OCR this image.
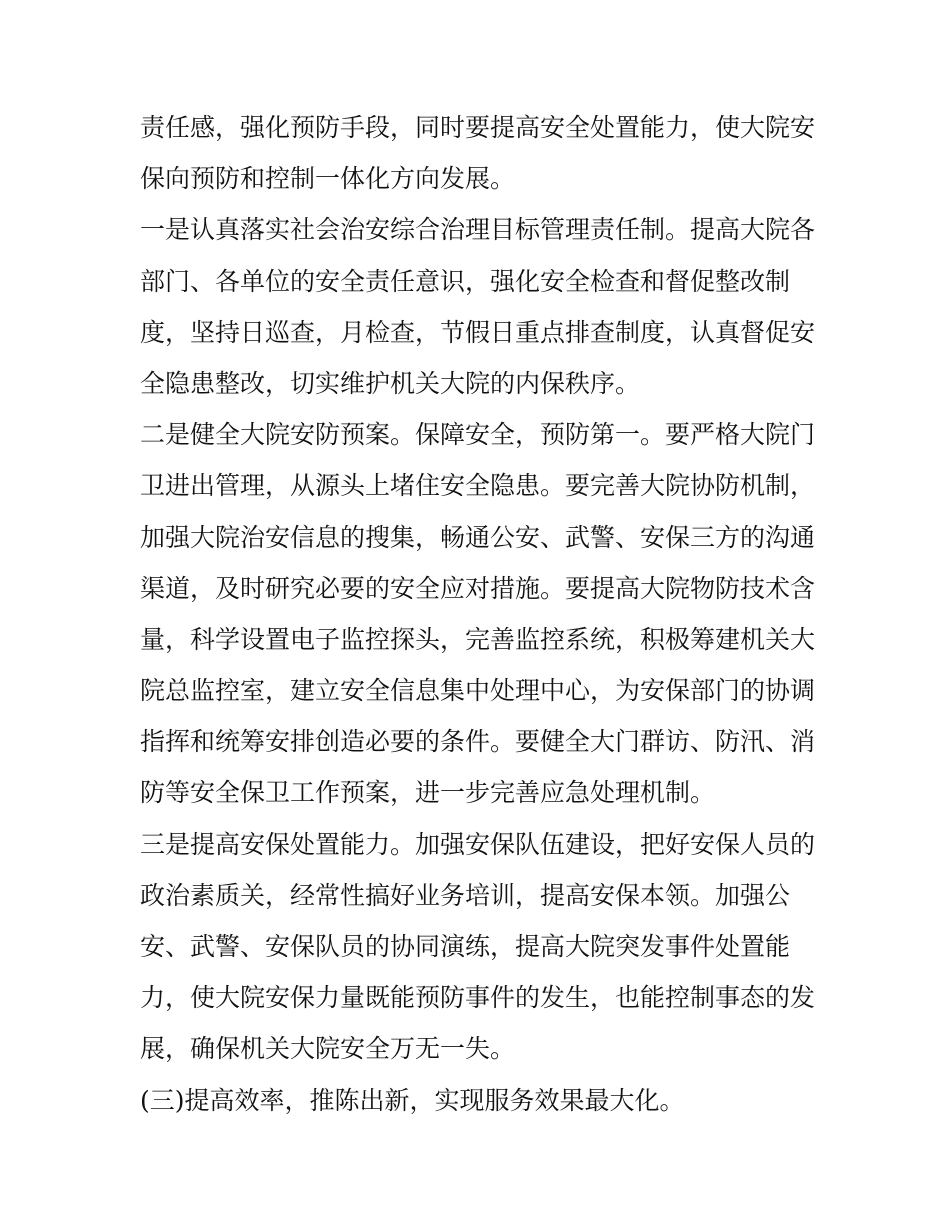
责任感，强化预防手段，同时要提高安全处置能力，使大院安
保向预防和控制一体化方向发展。
一是认真落实社会治安综合治理目标管理责任制。提高大院各
部门、各单位的安全责任意识，强化安全检查和督促整改制
度，坚持日巡查，月检查，节假日重点排查制度，认真督促安
全隐患整改，切实维护机关大院的内保秩序。
二是健全大院安防预案。保障安全，预防第一。要严格大院门
卫进出管理，从源头上堵住安全隐患。要完善大院协防机制，
加强大院治安信息的搜集，畅通公安、武警、安保三方的沟通
渠道，及时研究必要的安全应对措施。要提高大院物防技术含
量，科学设置电子监控探头，完善监控系统，积极筹建机关大
院总监控室，建立安全信息集中处理中心，为安保部门的协调
指挥和统筹安排创造必要的条件。要健全大门群访、防汛、消
防等安全保卫工作预案，进一步完善应急处理机制。
三是提高安保处置能力。加强安保队伍建设，把好安保人员的
政治素质关，经常性搞好业务培训，提高安保本领。加强公
安、武警、安保队员的协同演练，提高大院突发事件处置能
力，使大院安保力量既能预防事件的发生，也能控制事态的发
展，确保机关大院安全万无一失。
(三)提高效率，推陈出新，实现服务效果最大化。
